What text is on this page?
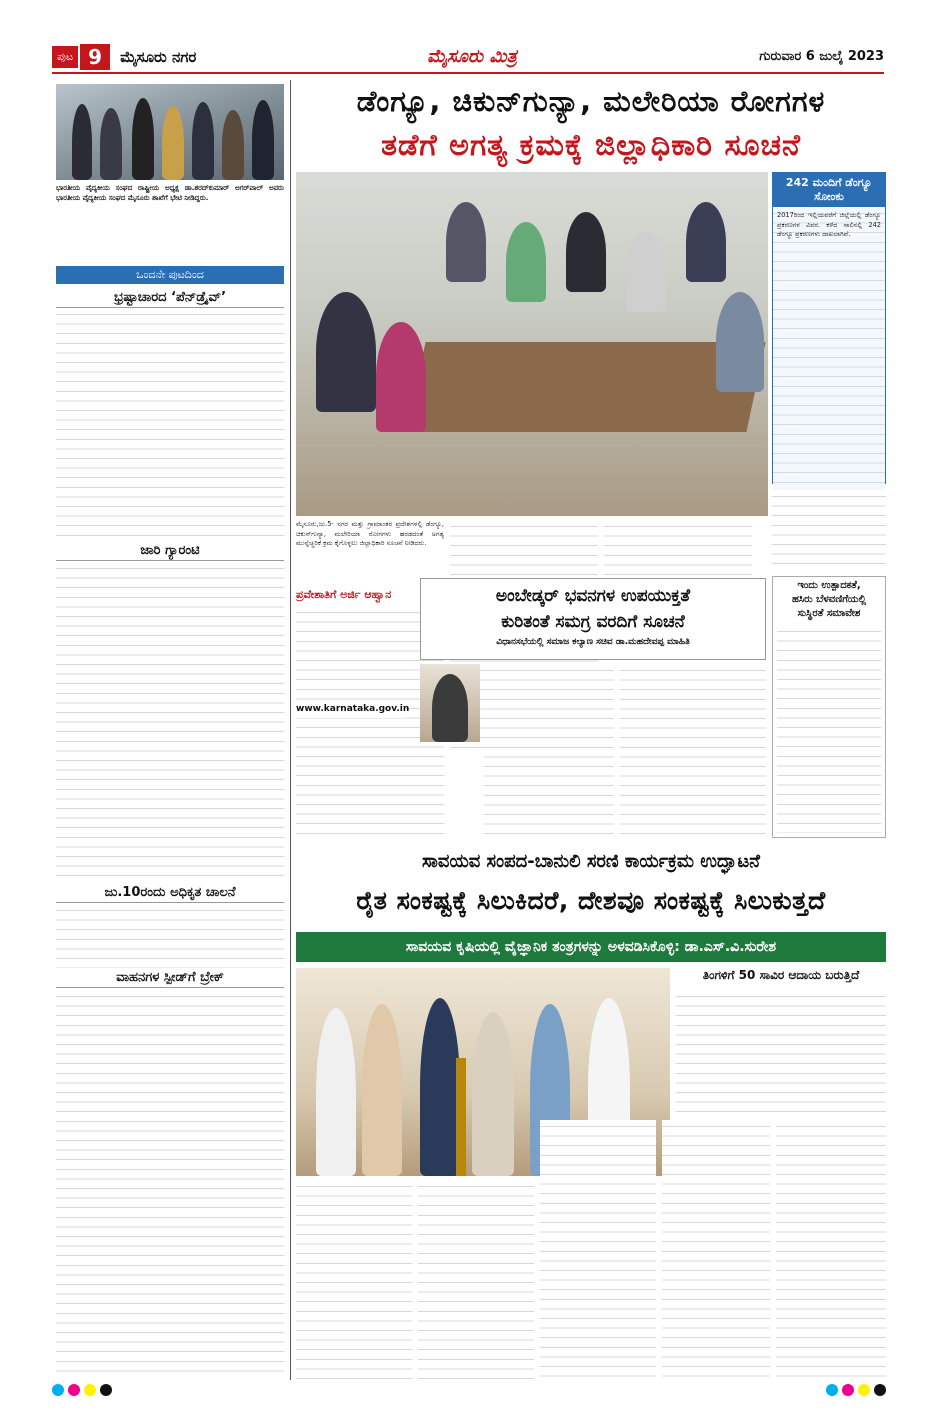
ಪುಟ 9	ಮೈಸೂರು ನಗರ	ಮೈಸೂರು ಮಿತ್ರ	ಗುರುವಾರ 6 ಜುಲೈ 2023
ಭಾರತೀಯ ವೈದ್ಯಕೀಯ ಸಂಘದ ರಾಷ್ಟ್ರೀಯ ಅಧ್ಯಕ್ಷ ಡಾ.ಶರದ್‌ಕುಮಾರ್ ಅಗರ್‌ವಾಲ್ ಅವರು ಭಾರತೀಯ ವೈದ್ಯಕೀಯ ಸಂಘದ ಮೈಸೂರು ಶಾಖೆಗೆ ಭೇಟಿ ನೀಡಿದ್ದರು.
ಒಂದನೇ ಪುಟದಿಂದ
ಭ್ರಷ್ಟಾಚಾರದ ‘ಪೆನ್‌ಡ್ರೈವ್’
ಜಾರಿ ಗ್ಯಾರಂಟಿ
ಜು.10ರಂದು ಅಧಿಕೃತ ಚಾಲನೆ
ವಾಹನಗಳ ಸ್ಪೀಡ್‌ಗೆ ಬ್ರೇಕ್
ಡೆಂಗ್ಯೂ, ಚಿಕುನ್‌ಗುನ್ಯಾ, ಮಲೇರಿಯಾ ರೋಗಗಳ
ತಡೆಗೆ ಅಗತ್ಯ ಕ್ರಮಕ್ಕೆ ಜಿಲ್ಲಾಧಿಕಾರಿ ಸೂಚನೆ
ಮೈಸೂರು,ಜು.5- ನಗರ ಮತ್ತು ಗ್ರಾಮಾಂತರ ಪ್ರದೇಶಗಳಲ್ಲಿ ಡೆಂಗ್ಯೂ, ಚಿಕುನ್‌ಗುನ್ಯಾ, ಮಲೇರಿಯಾ ರೋಗಗಳು ಹರಡದಂತೆ ಅಗತ್ಯ ಮುನ್ನೆಚ್ಚರಿಕೆ ಕ್ರಮ ಕೈಗೊಳ್ಳಲು ಜಿಲ್ಲಾಧಿಕಾರಿ ಸೂಚನೆ ನೀಡಿದರು.
242 ಮಂದಿಗೆ ಡೆಂಗ್ಯೂ ಸೋಂಕು
2017ರಿಂದ ಇಲ್ಲಿಯವರೆಗೆ ಜಿಲ್ಲೆಯಲ್ಲಿ ಡೆಂಗ್ಯೂ ಪ್ರಕರಣಗಳ ವಿವರ. ಕಳೆದ ಸಾಲಿನಲ್ಲಿ 242 ಡೆಂಗ್ಯೂ ಪ್ರಕರಣಗಳು ದಾಖಲಾಗಿವೆ.
ಪ್ರವೇಶಾತಿಗೆ ಅರ್ಜಿ ಆಹ್ವಾನ
www.karnataka.gov.in
ಅಂಬೇಡ್ಕರ್ ಭವನಗಳ ಉಪಯುಕ್ತತೆ
ಕುರಿತಂತೆ ಸಮಗ್ರ ವರದಿಗೆ ಸೂಚನೆ
ವಿಧಾನಸಭೆಯಲ್ಲಿ ಸಮಾಜ ಕಲ್ಯಾಣ ಸಚಿವ ಡಾ.ಮಹದೇವಪ್ಪ ಮಾಹಿತಿ
ಇಂದು ಉತ್ಪಾದಕತೆ,
ಹಸಿರು ಬೆಳವಣಿಗೆಯಲ್ಲಿ
ಸುಸ್ಥಿರತೆ ಸಮಾವೇಶ
ಸಾವಯವ ಸಂಪದ-ಬಾನುಲಿ ಸರಣಿ ಕಾರ್ಯಕ್ರಮ ಉದ್ಘಾಟನೆ
ರೈತ ಸಂಕಷ್ಟಕ್ಕೆ ಸಿಲುಕಿದರೆ, ದೇಶವೂ ಸಂಕಷ್ಟಕ್ಕೆ ಸಿಲುಕುತ್ತದೆ
ಸಾವಯವ ಕೃಷಿಯಲ್ಲಿ ವೈಜ್ಞಾನಿಕ ತಂತ್ರಗಳನ್ನು ಅಳವಡಿಸಿಕೊಳ್ಳಿ: ಡಾ.ಎಸ್.ವಿ.ಸುರೇಶ
ತಿಂಗಳಿಗೆ 50 ಸಾವಿರ ಆದಾಯ ಬರುತ್ತಿದೆ
